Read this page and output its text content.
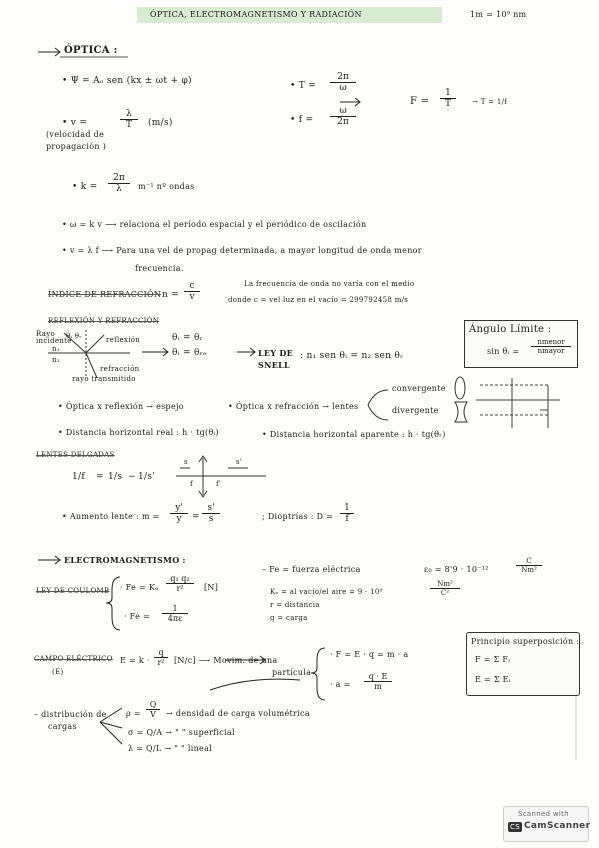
ÓPTICA, ELECTROMAGNETISMO Y RADIACIÓN	1m = 10⁹ nm
ÓPTICA :
• Ψ = Aₒ sen (kx ± ωt + φ)	• $T = \frac{2\pi}{\omega}$
• $f = \frac{\omega}{2\pi}$
$F = \frac{1}{T} \to T = 1/f$
• v =	$\frac{\lambda}{T} (m/s)$
(velocidad de
propagación )
• $k = \frac{2\pi}{\lambda} m^{-1}$ nº ondas
• ω = k v ⟶ relaciona el período espacial y el periódico de oscilación
• v = λ f ⟶ Para una vel de propag determinada, a mayor longitud de onda menor
frecuencia.
ÍNDICE DE REFRACCIÓN $n = \frac{c}{v}$	La frecuencia de onda no varía con el medio
donde c = vel luz en el vacío = 299792458 m/s
REFLEXIÓN Y REFRACCIÓN
Rayo incidente
θᵢ θᵣ	reflexión
n₁
n₂
refracción
rayo transmitido
θᵢ = θᵣ
θᵢ = θᵣₑ	LEY DE
SNELL
: n₁ sen θᵢ = n₂ sen θᵣ
Ángulo Límite :
sin θᵢ =
nmenor
nmayor
• Óptica x reflexión → espejo	• Óptica x refracción → lentes
convergente
divergente
• Distancia horizontal real : h · tg(θᵢ)	• Distancia horizontal aparente : h · tg(θᵣ)
LENTES DELGADAS
1/f = 1/s − 1/s'
s	s'
f	f'
• Aumento lente : $m = \frac{y'}{y} = \frac{s'}{s}$	; Dioptrías : $D = \frac{1}{f}$
ELECTROMAGNETISMO :
LEY DE COULOMB · Fe = Kₑ $\frac{\text{q₁ q₂}}{\text{r²}} [N]$
· $Fe = \frac{1}{4\pi\varepsilon}$
– Fe = fuerza eléctrica	ε₀ = 8'9 · 10⁻¹²	$\frac{C}{\text{Nm²}}$
Kₑ = al vacío/el aire = 9 · 10⁹	$\frac{\text{Nm²}}{\text{C²}}$
r = distancia
q = carga
Principio superposición :
F = Σ Fᵢ
E = Σ Eᵢ
CAMPO ELÉCTRICO
(E)
$E = k \cdot \frac{q}{\text{r²}} [N/c]$ ⟶ Movim. de una
partícula
· F = E · q = m · a
· $a = \frac{q \cdot E}{m}$
– distribución de
cargas
$\rho = \frac{Q}{V}$ → densidad de carga volumétrica
σ = Q/A → " " superficial
λ = Q/L → " " lineal
Scanned with
CS CamScanner
